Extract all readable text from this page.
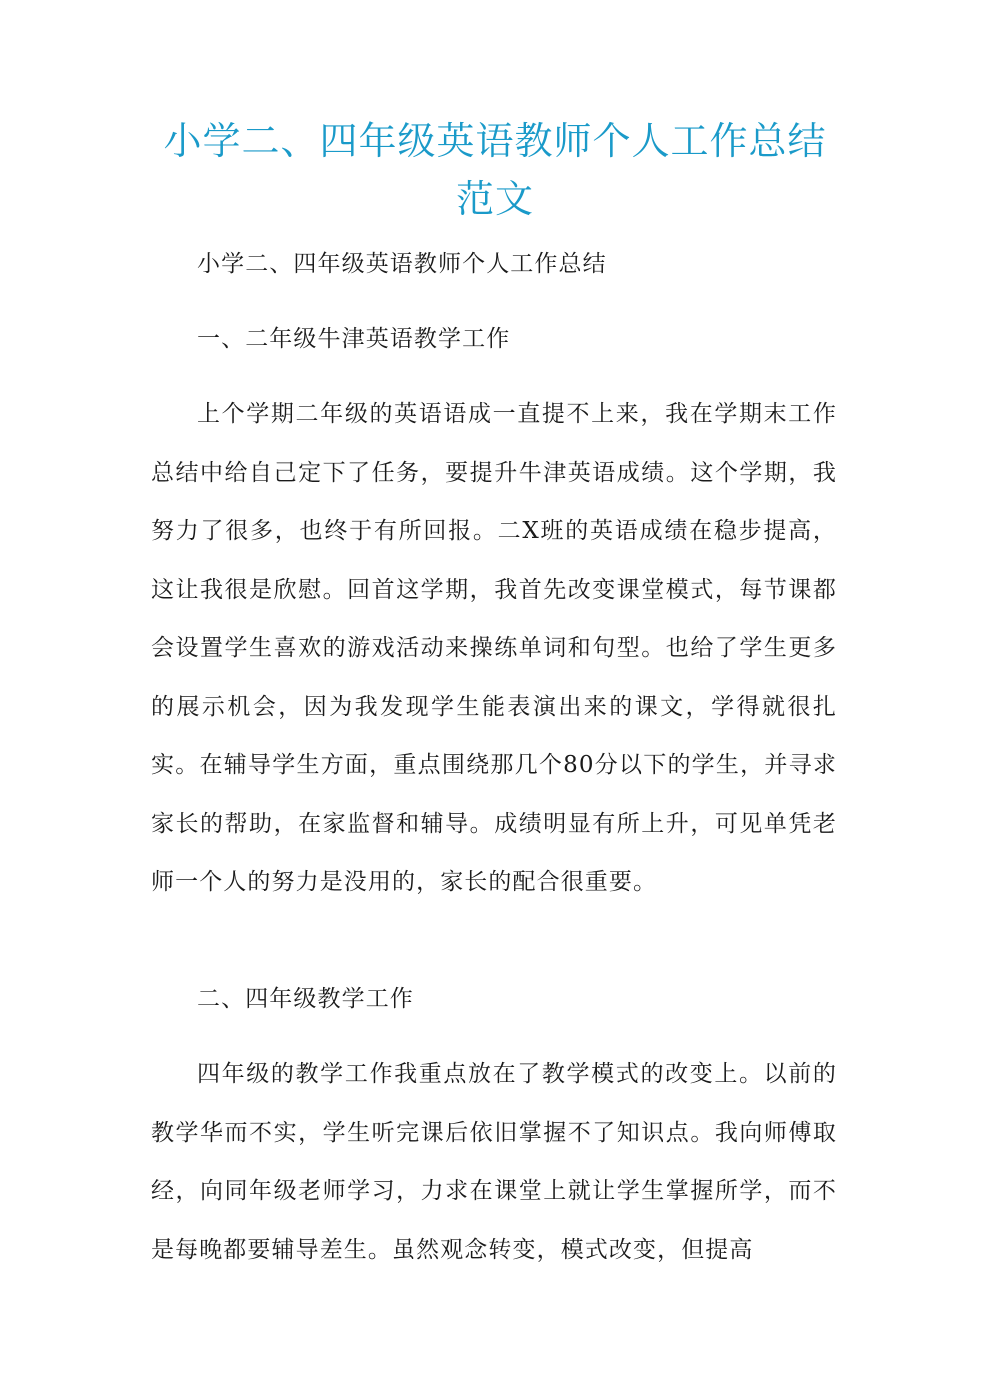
小学二、四年级英语教师个人工作总结范文

小学二、四年级英语教师个人工作总结

一、二年级牛津英语教学工作

上个学期二年级的英语语成一直提不上来，我在学期末工作总结中给自己定下了任务，要提升牛津英语成绩。这个学期，我努力了很多，也终于有所回报。二X班的英语成绩在稳步提高，这让我很是欣慰。回首这学期，我首先改变课堂模式，每节课都会设置学生喜欢的游戏活动来操练单词和句型。也给了学生更多的展示机会，因为我发现学生能表演出来的课文，学得就很扎实。在辅导学生方面，重点围绕那几个80分以下的学生，并寻求家长的帮助，在家监督和辅导。成绩明显有所上升，可见单凭老师一个人的努力是没用的，家长的配合很重要。

二、四年级教学工作

四年级的教学工作我重点放在了教学模式的改变上。以前的教学华而不实，学生听完课后依旧掌握不了知识点。我向师傅取经，向同年级老师学习，力求在课堂上就让学生掌握所学，而不是每晚都要辅导差生。虽然观念转变，模式改变，但提高
